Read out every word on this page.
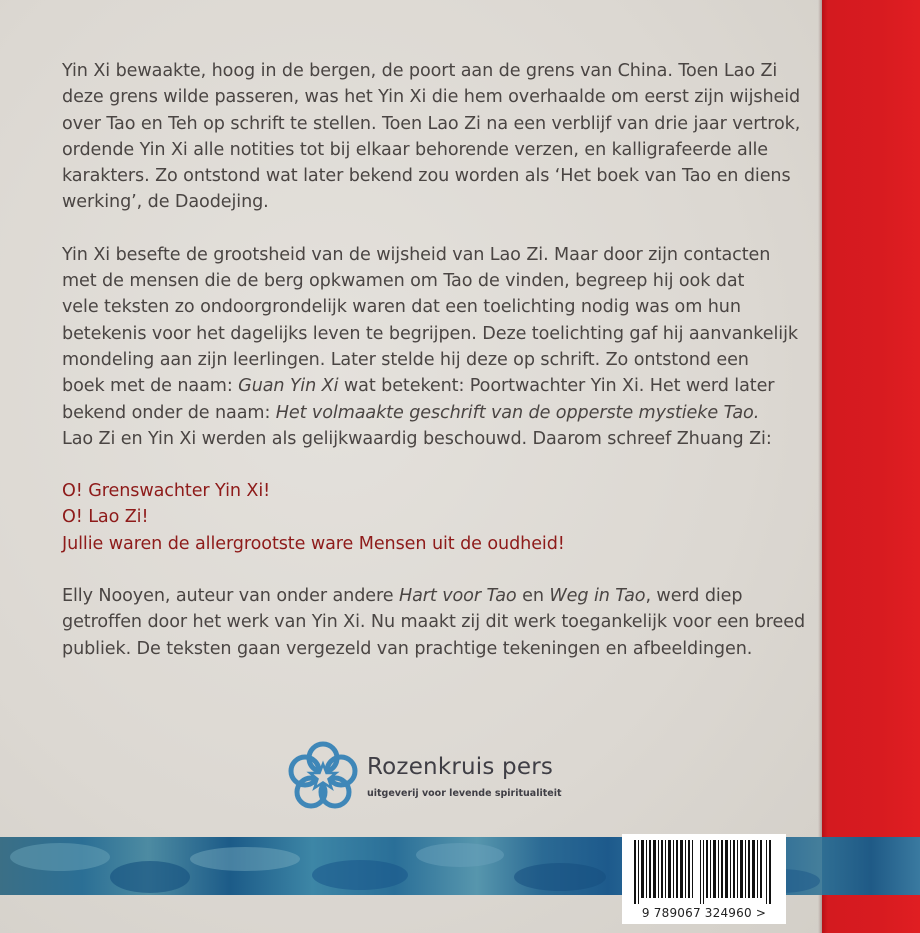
Yin Xi bewaakte, hoog in de bergen, de poort aan de grens van China. Toen Lao Zi
deze grens wilde passeren, was het Yin Xi die hem overhaalde om eerst zijn wijsheid
over Tao en Teh op schrift te stellen. Toen Lao Zi na een verblijf van drie jaar vertrok,
ordende Yin Xi alle notities tot bij elkaar behorende verzen, en kalligrafeerde alle
karakters. Zo ontstond wat later bekend zou worden als ‘Het boek van Tao en diens
werking’, de Daodejing.
Yin Xi besefte de grootsheid van de wijsheid van Lao Zi. Maar door zijn contacten
met de mensen die de berg opkwamen om Tao de vinden, begreep hij ook dat
vele teksten zo ondoorgrondelijk waren dat een toelichting nodig was om hun
betekenis voor het dagelijks leven te begrijpen. Deze toelichting gaf hij aanvankelijk
mondeling aan zijn leerlingen. Later stelde hij deze op schrift. Zo ontstond een
boek met de naam: Guan Yin Xi wat betekent: Poortwachter Yin Xi. Het werd later
bekend onder de naam: Het volmaakte geschrift van de opperste mystieke Tao.
Lao Zi en Yin Xi werden als gelijkwaardig beschouwd. Daarom schreef Zhuang Zi:
O! Grenswachter Yin Xi!
O! Lao Zi!
Jullie waren de allergrootste ware Mensen uit de oudheid!
Elly Nooyen, auteur van onder andere Hart voor Tao en Weg in Tao, werd diep
getroffen door het werk van Yin Xi. Nu maakt zij dit werk toegankelijk voor een breed
publiek. De teksten gaan vergezeld van prachtige tekeningen en afbeeldingen.
Rozenkruis pers
uitgeverij voor levende spiritualiteit
9 789067 324960 >
